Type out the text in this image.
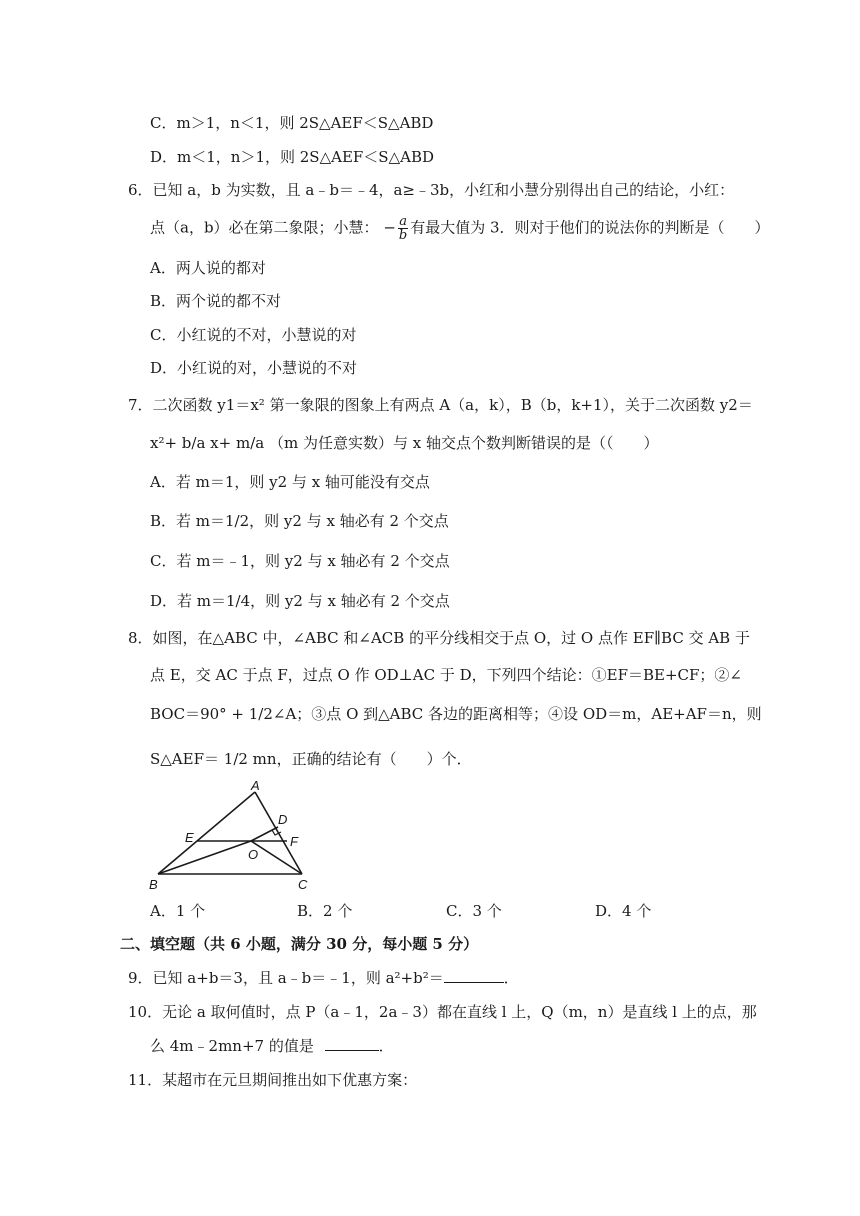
C．m＞1，n＜1，则 2S△AEF＜S△ABD
D．m＜1，n＞1，则 2S△AEF＜S△ABD
6．已知 a，b 为实数，且 a﹣b＝﹣4，a≥﹣3b，小红和小慧分别得出自己的结论，小红：
点（a，b）必在第二象限；小慧： − $\frac{a}{b}$ 有最大值为 3．则对于他们的说法你的判断是（　　）
A．两人说的都对
B．两个说的都不对
C．小红说的不对，小慧说的对
D．小红说的对，小慧说的不对
7．二次函数 y1＝x² 第一象限的图象上有两点 A（a，k），B（b，k+1），关于二次函数 y2＝
x²+ b/a x+ m/a （m 为任意实数）与 x 轴交点个数判断错误的是（（　　）
A．若 m＝1，则 y2 与 x 轴可能没有交点
B．若 m＝1/2，则 y2 与 x 轴必有 2 个交点
C．若 m＝﹣1，则 y2 与 x 轴必有 2 个交点
D．若 m＝1/4，则 y2 与 x 轴必有 2 个交点
8．如图，在△ABC 中，∠ABC 和∠ACB 的平分线相交于点 O，过 O 点作 EF∥BC 交 AB 于
点 E，交 AC 于点 F，过点 O 作 OD⊥AC 于 D，下列四个结论：①EF＝BE+CF；②∠
BOC＝90° + 1/2∠A；③点 O 到△ABC 各边的距离相等；④设 OD＝m，AE+AF＝n，则
S△AEF＝ 1/2 mn，正确的结论有（　　）个．
A
B	C
D
E	F
O
A．1 个	B．2 个	C．3 个	D．4 个
二、填空题（共 6 小题，满分 30 分，每小题 5 分）
9．已知 a+b＝3，且 a﹣b＝﹣1，则 a²+b²＝	．
10．无论 a 取何值时，点 P（a﹣1，2a﹣3）都在直线 l 上，Q（m，n）是直线 l 上的点，那
么 4m﹣2mn+7 的值是	．
11．某超市在元旦期间推出如下优惠方案：
